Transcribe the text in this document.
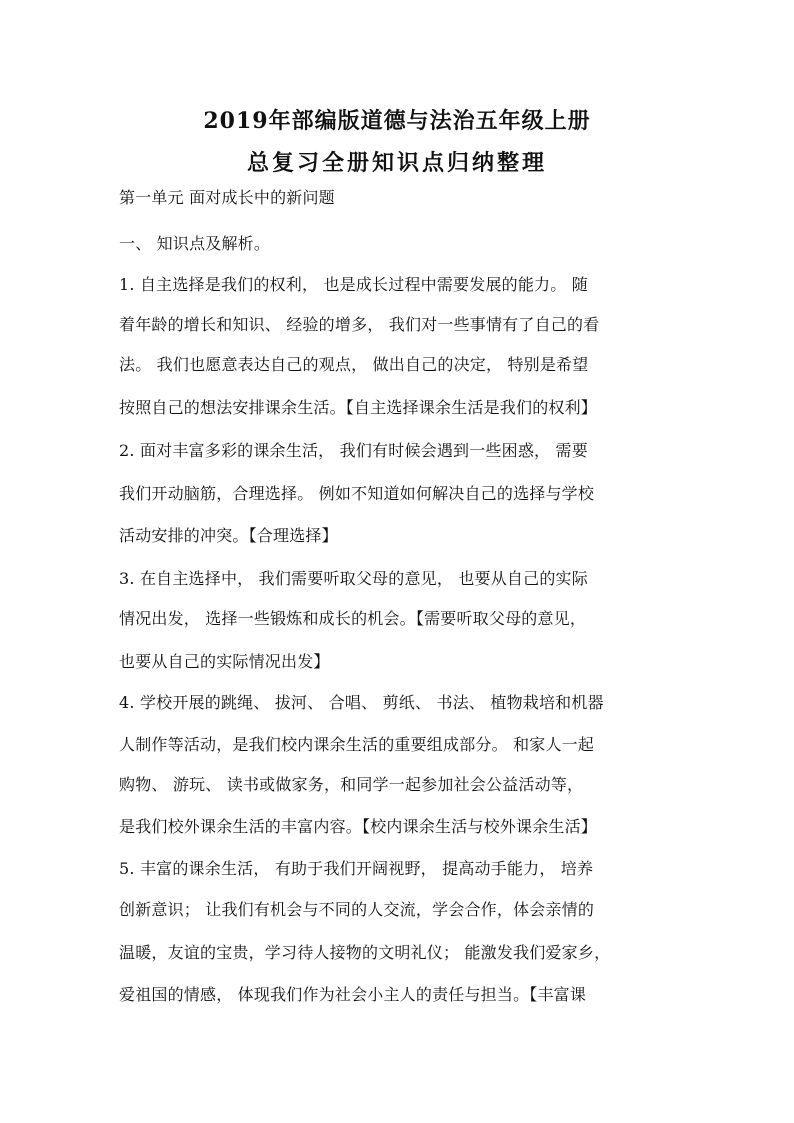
2019年部编版道德与法治五年级上册
总复习全册知识点归纳整理
第一单元 面对成长中的新问题
一、 知识点及解析。
1. 自主选择是我们的权利， 也是成长过程中需要发展的能力。 随
着年龄的增长和知识、 经验的增多， 我们对一些事情有了自己的看
法。 我们也愿意表达自己的观点， 做出自己的决定， 特别是希望
按照自己的想法安排课余生活。【自主选择课余生活是我们的权利】
2. 面对丰富多彩的课余生活， 我们有时候会遇到一些困惑， 需要
我们开动脑筋，合理选择。 例如不知道如何解决自己的选择与学校
活动安排的冲突。【合理选择】
3. 在自主选择中， 我们需要听取父母的意见， 也要从自己的实际
情况出发， 选择一些锻炼和成长的机会。【需要听取父母的意见，
也要从自己的实际情况出发】
4. 学校开展的跳绳、 拔河、 合唱、 剪纸、 书法、 植物栽培和机器
人制作等活动，是我们校内课余生活的重要组成部分。 和家人一起
购物、 游玩、 读书或做家务，和同学一起参加社会公益活动等，
是我们校外课余生活的丰富内容。【校内课余生活与校外课余生活】
5. 丰富的课余生活， 有助于我们开阔视野， 提高动手能力， 培养
创新意识； 让我们有机会与不同的人交流，学会合作，体会亲情的
温暖，友谊的宝贵，学习待人接物的文明礼仪； 能激发我们爱家乡，
爱祖国的情感， 体现我们作为社会小主人的责任与担当。【丰富课
